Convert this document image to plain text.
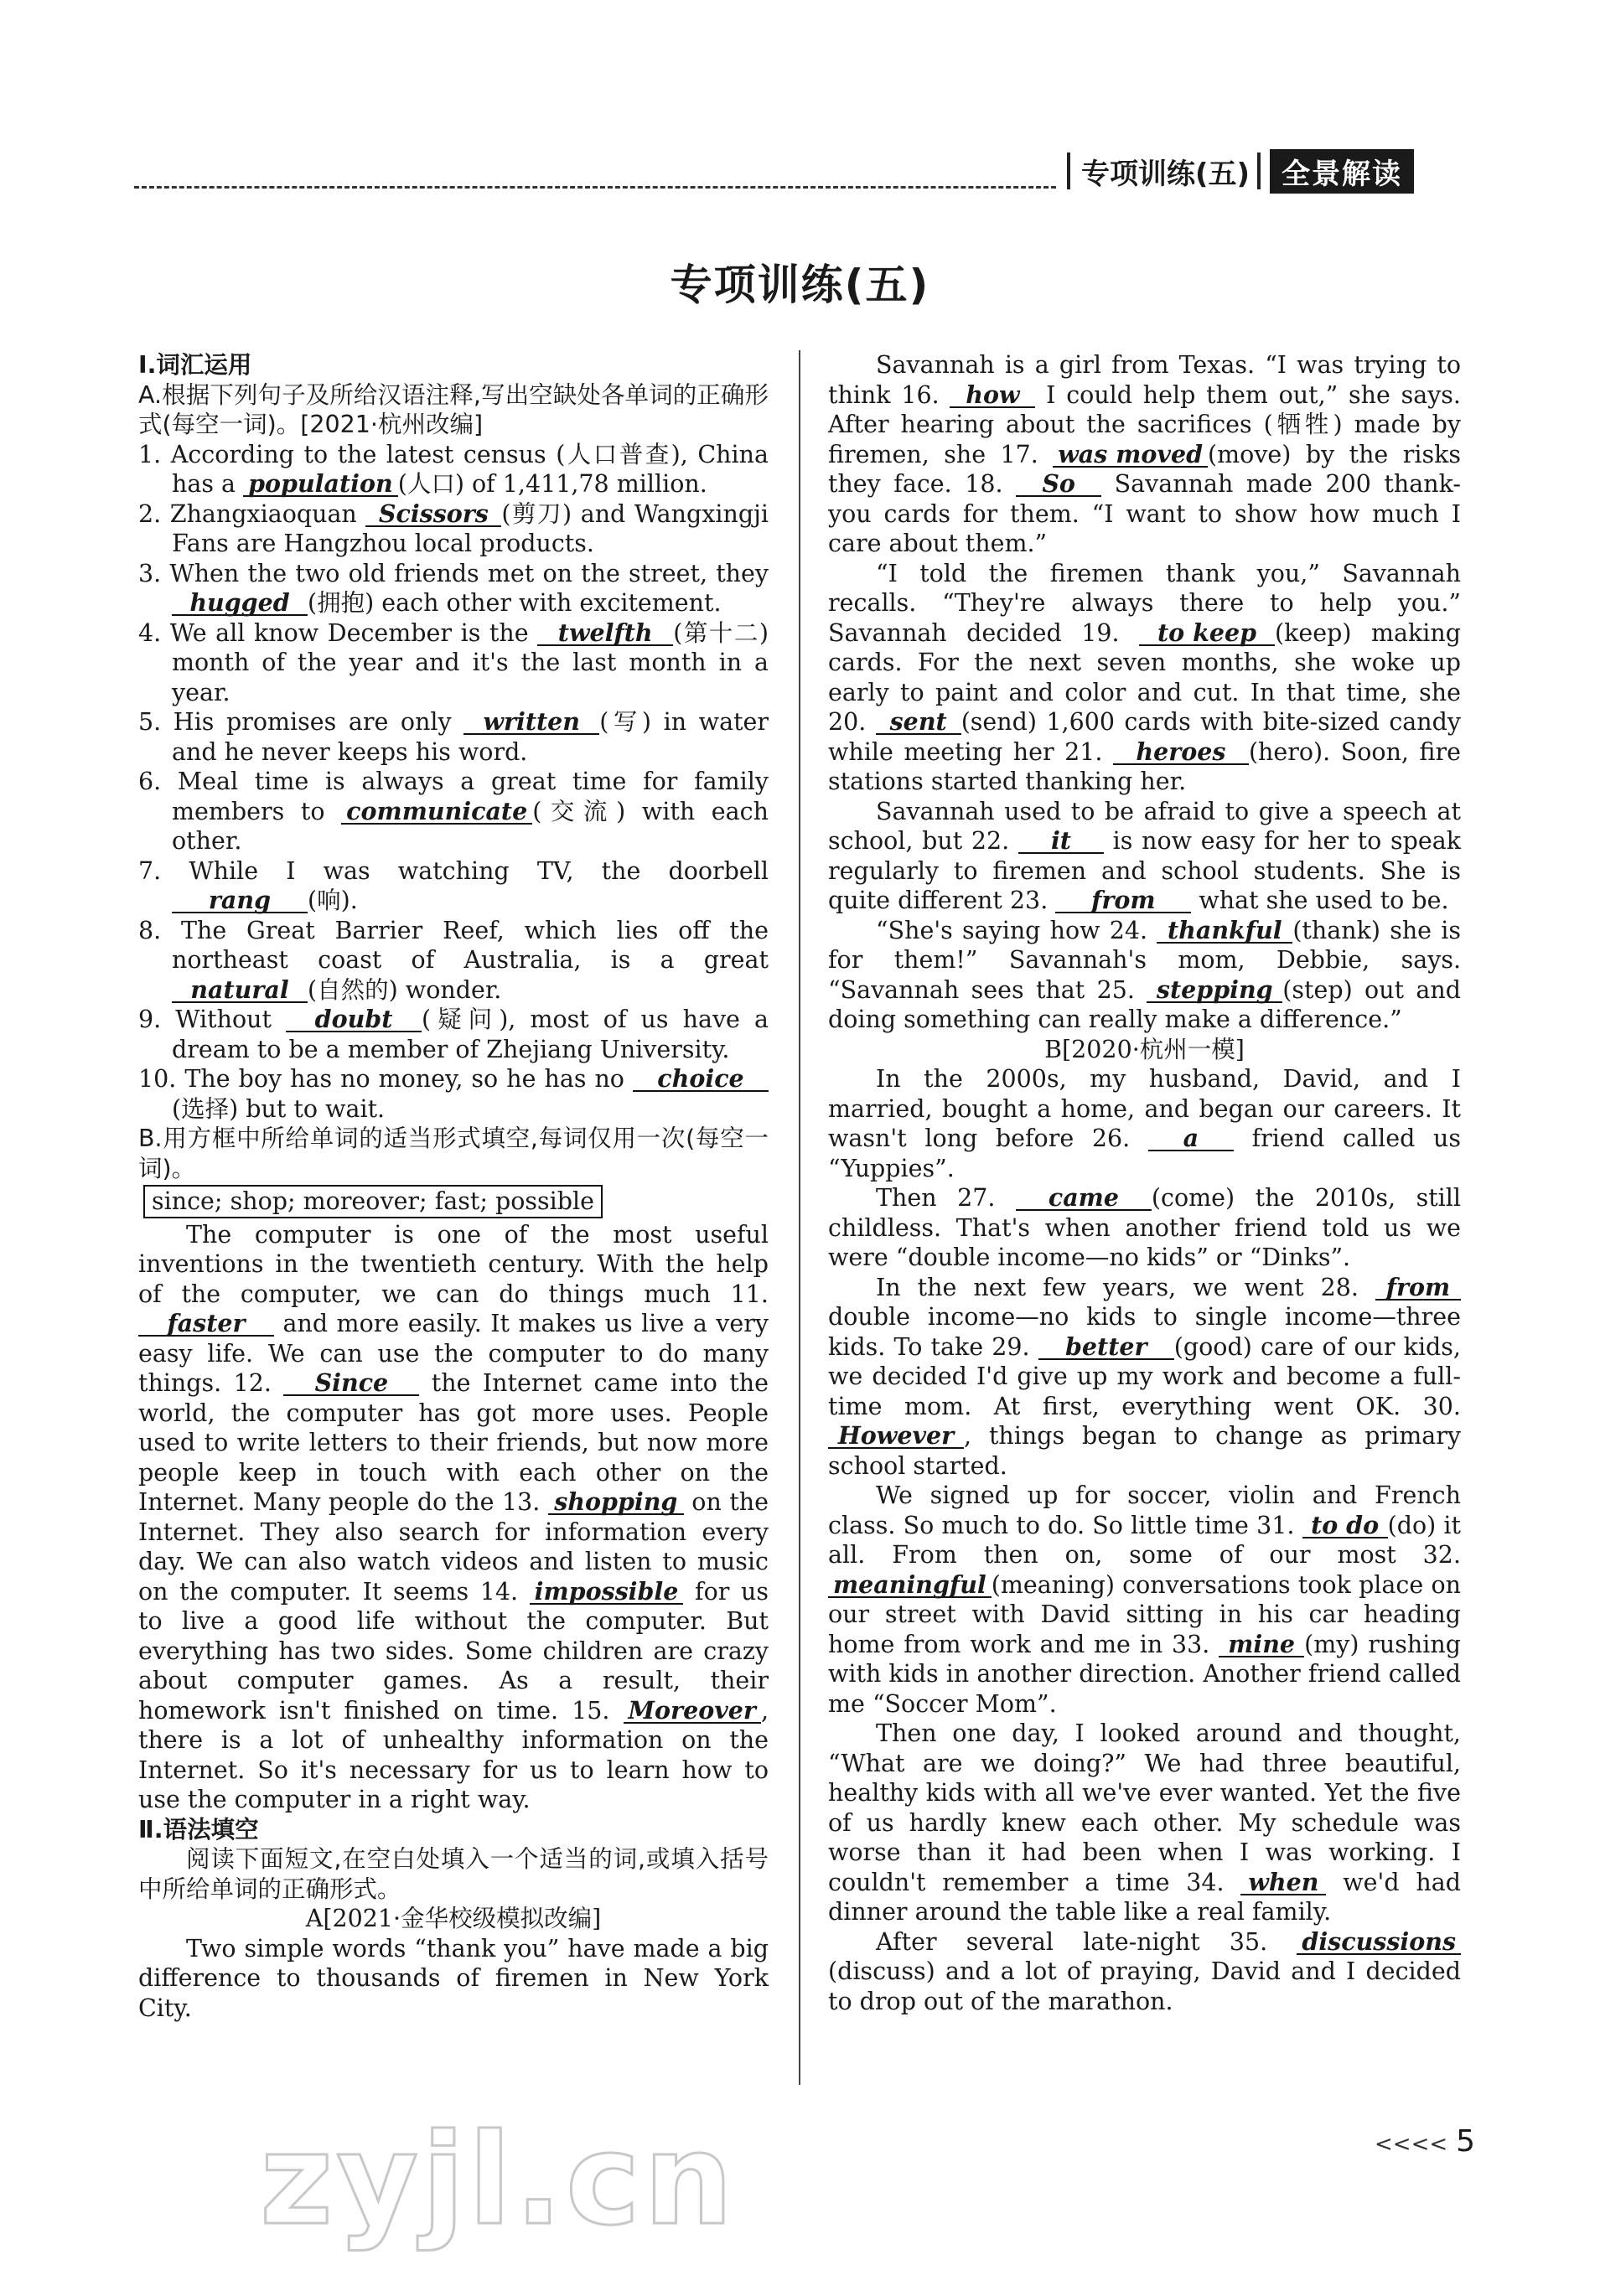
专项训练(五)	全景解读
专项训练(五)

Ⅰ.词汇运用

A.根据下列句子及所给汉语注释,写出空缺处各单词的正确形式(每空一词)。[2021·杭州改编]

1. According to the latest census (人口普查), China has a population (人口) of 1,411,78 million.

2. Zhangxiaoquan Scissors (剪刀) and Wangxingji Fans are Hangzhou local products.

3. When the two old friends met on the street, they hugged (拥抱) each other with excitement.

4. We all know December is the twelfth (第十二) month of the year and it's the last month in a year.

5. His promises are only written (写) in water and he never keeps his word.

6. Meal time is always a great time for family members to communicate (交流) with each other.

7. While I was watching TV, the doorbell rang (响).

8. The Great Barrier Reef, which lies off the northeast coast of Australia, is a great natural (自然的) wonder.

9. Without doubt (疑问), most of us have a dream to be a member of Zhejiang University.

10. The boy has no money, so he has no choice(选择) but to wait.

B.用方框中所给单词的适当形式填空,每词仅用一次(每空一词)。

since; shop; moreover; fast; possible

The computer is one of the most useful inventions in the twentieth century. With the help of the computer, we can do things much 11. faster and more easily. It makes us live a very easy life. We can use the computer to do many things. 12. Since the Internet came into the world, the computer has got more uses. People used to write letters to their friends, but now more people keep in touch with each other on the Internet. Many people do the 13. shopping on the Internet. They also search for information every day. We can also watch videos and listen to music on the computer. It seems 14. impossible for us to live a good life without the computer. But everything has two sides. Some children are crazy about computer games. As a result, their homework isn't finished on time. 15. Moreover , there is a lot of unhealthy information on the Internet. So it's necessary for us to learn how to use the computer in a right way.

Ⅱ.语法填空

阅读下面短文,在空白处填入一个适当的词,或填入括号中所给单词的正确形式。

A[2021·金华校级模拟改编]

Two simple words “thank you” have made a big difference to thousands of firemen in New York City.

Savannah is a girl from Texas. “I was trying to think 16. how I could help them out,” she says. After hearing about the sacrifices (牺牲) made by firemen, she 17. was moved (move) by the risks they face. 18. So Savannah made 200 thank-you cards for them. “I want to show how much I care about them.”

“I told the firemen thank you,” Savannah recalls. “They're always there to help you.” Savannah decided 19. to keep (keep) making cards. For the next seven months, she woke up early to paint and color and cut. In that time, she 20. sent (send) 1,600 cards with bite-sized candy while meeting her 21. heroes (hero). Soon, fire stations started thanking her.

Savannah used to be afraid to give a speech at school, but 22. it is now easy for her to speak regularly to firemen and school students. She is quite different 23. from what she used to be.

“She's saying how 24. thankful (thank) she is for them!” Savannah's mom, Debbie, says. “Savannah sees that 25. stepping (step) out and doing something can really make a difference.”

B[2020·杭州一模]

In the 2000s, my husband, David, and I married, bought a home, and began our careers. It wasn't long before 26. a friend called us “Yuppies”.

Then 27. came (come) the 2010s, still childless. That's when another friend told us we were “double income—no kids” or “Dinks”.

In the next few years, we went 28. from double income—no kids to single income—three kids. To take 29. better (good) care of our kids, we decided I'd give up my work and become a full-time mom. At first, everything went OK. 30. However , things began to change as primary school started.

We signed up for soccer, violin and French class. So much to do. So little time 31. to do (do) it all. From then on, some of our most 32. meaningful (meaning) conversations took place on our street with David sitting in his car heading home from work and me in 33. mine (my) rushing with kids in another direction. Another friend called me “Soccer Mom”.

Then one day, I looked around and thought, “What are we doing?” We had three beautiful, healthy kids with all we've ever wanted. Yet the five of us hardly knew each other. My schedule was worse than it had been when I was working. I couldn't remember a time 34. when we'd had dinner around the table like a real family.

After several late-night 35. discussions(discuss) and a lot of praying, David and I decided to drop out of the marathon.

zyjl.cn	<<<< 5
